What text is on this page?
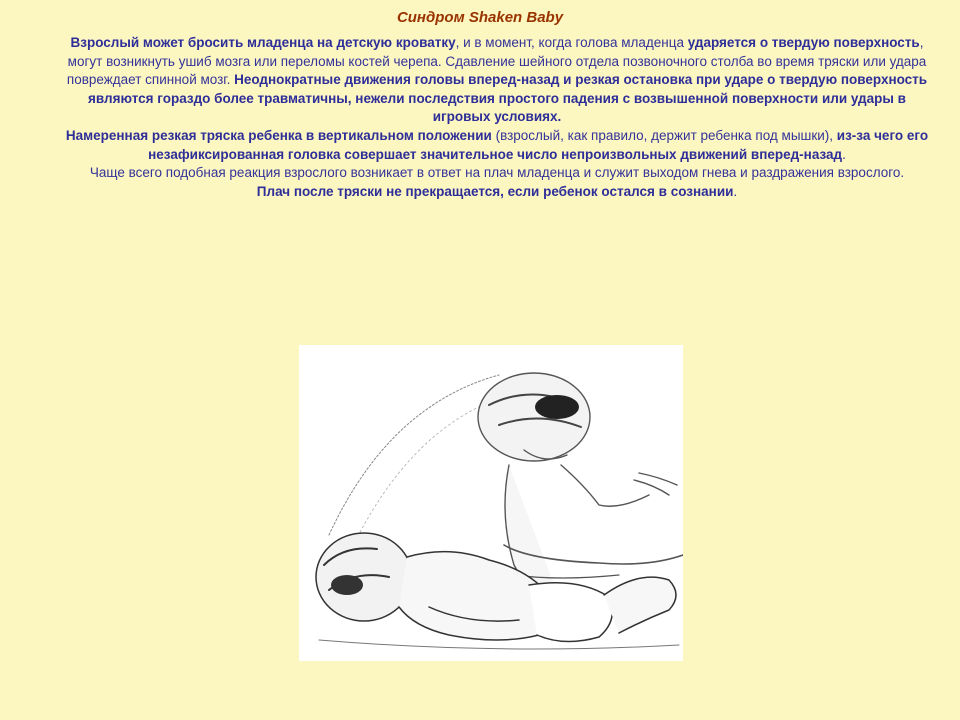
Синдром Shaken Baby
Взрослый может бросить младенца на детскую кроватку, и в момент, когда голова младенца ударяется о твердую поверхность, могут возникнуть ушиб мозга или переломы костей черепа. Сдавление шейного отдела позвоночного столба во время тряски или удара повреждает спинной мозг. Неоднократные движения головы вперед-назад и резкая остановка при ударе о твердую поверхность являются гораздо более травматичны, нежели последствия простого падения с возвышенной поверхности или удары в игровых условиях.
Намеренная резкая тряска ребенка в вертикальном положении (взрослый, как правило, держит ребенка под мышки), из-за чего его незафиксированная головка совершает значительное число непроизвольных движений вперед-назад.
Чаще всего подобная реакция взрослого возникает в ответ на плач младенца и служит выходом гнева и раздражения взрослого.
Плач после тряски не прекращается, если ребенок остался в сознании.
